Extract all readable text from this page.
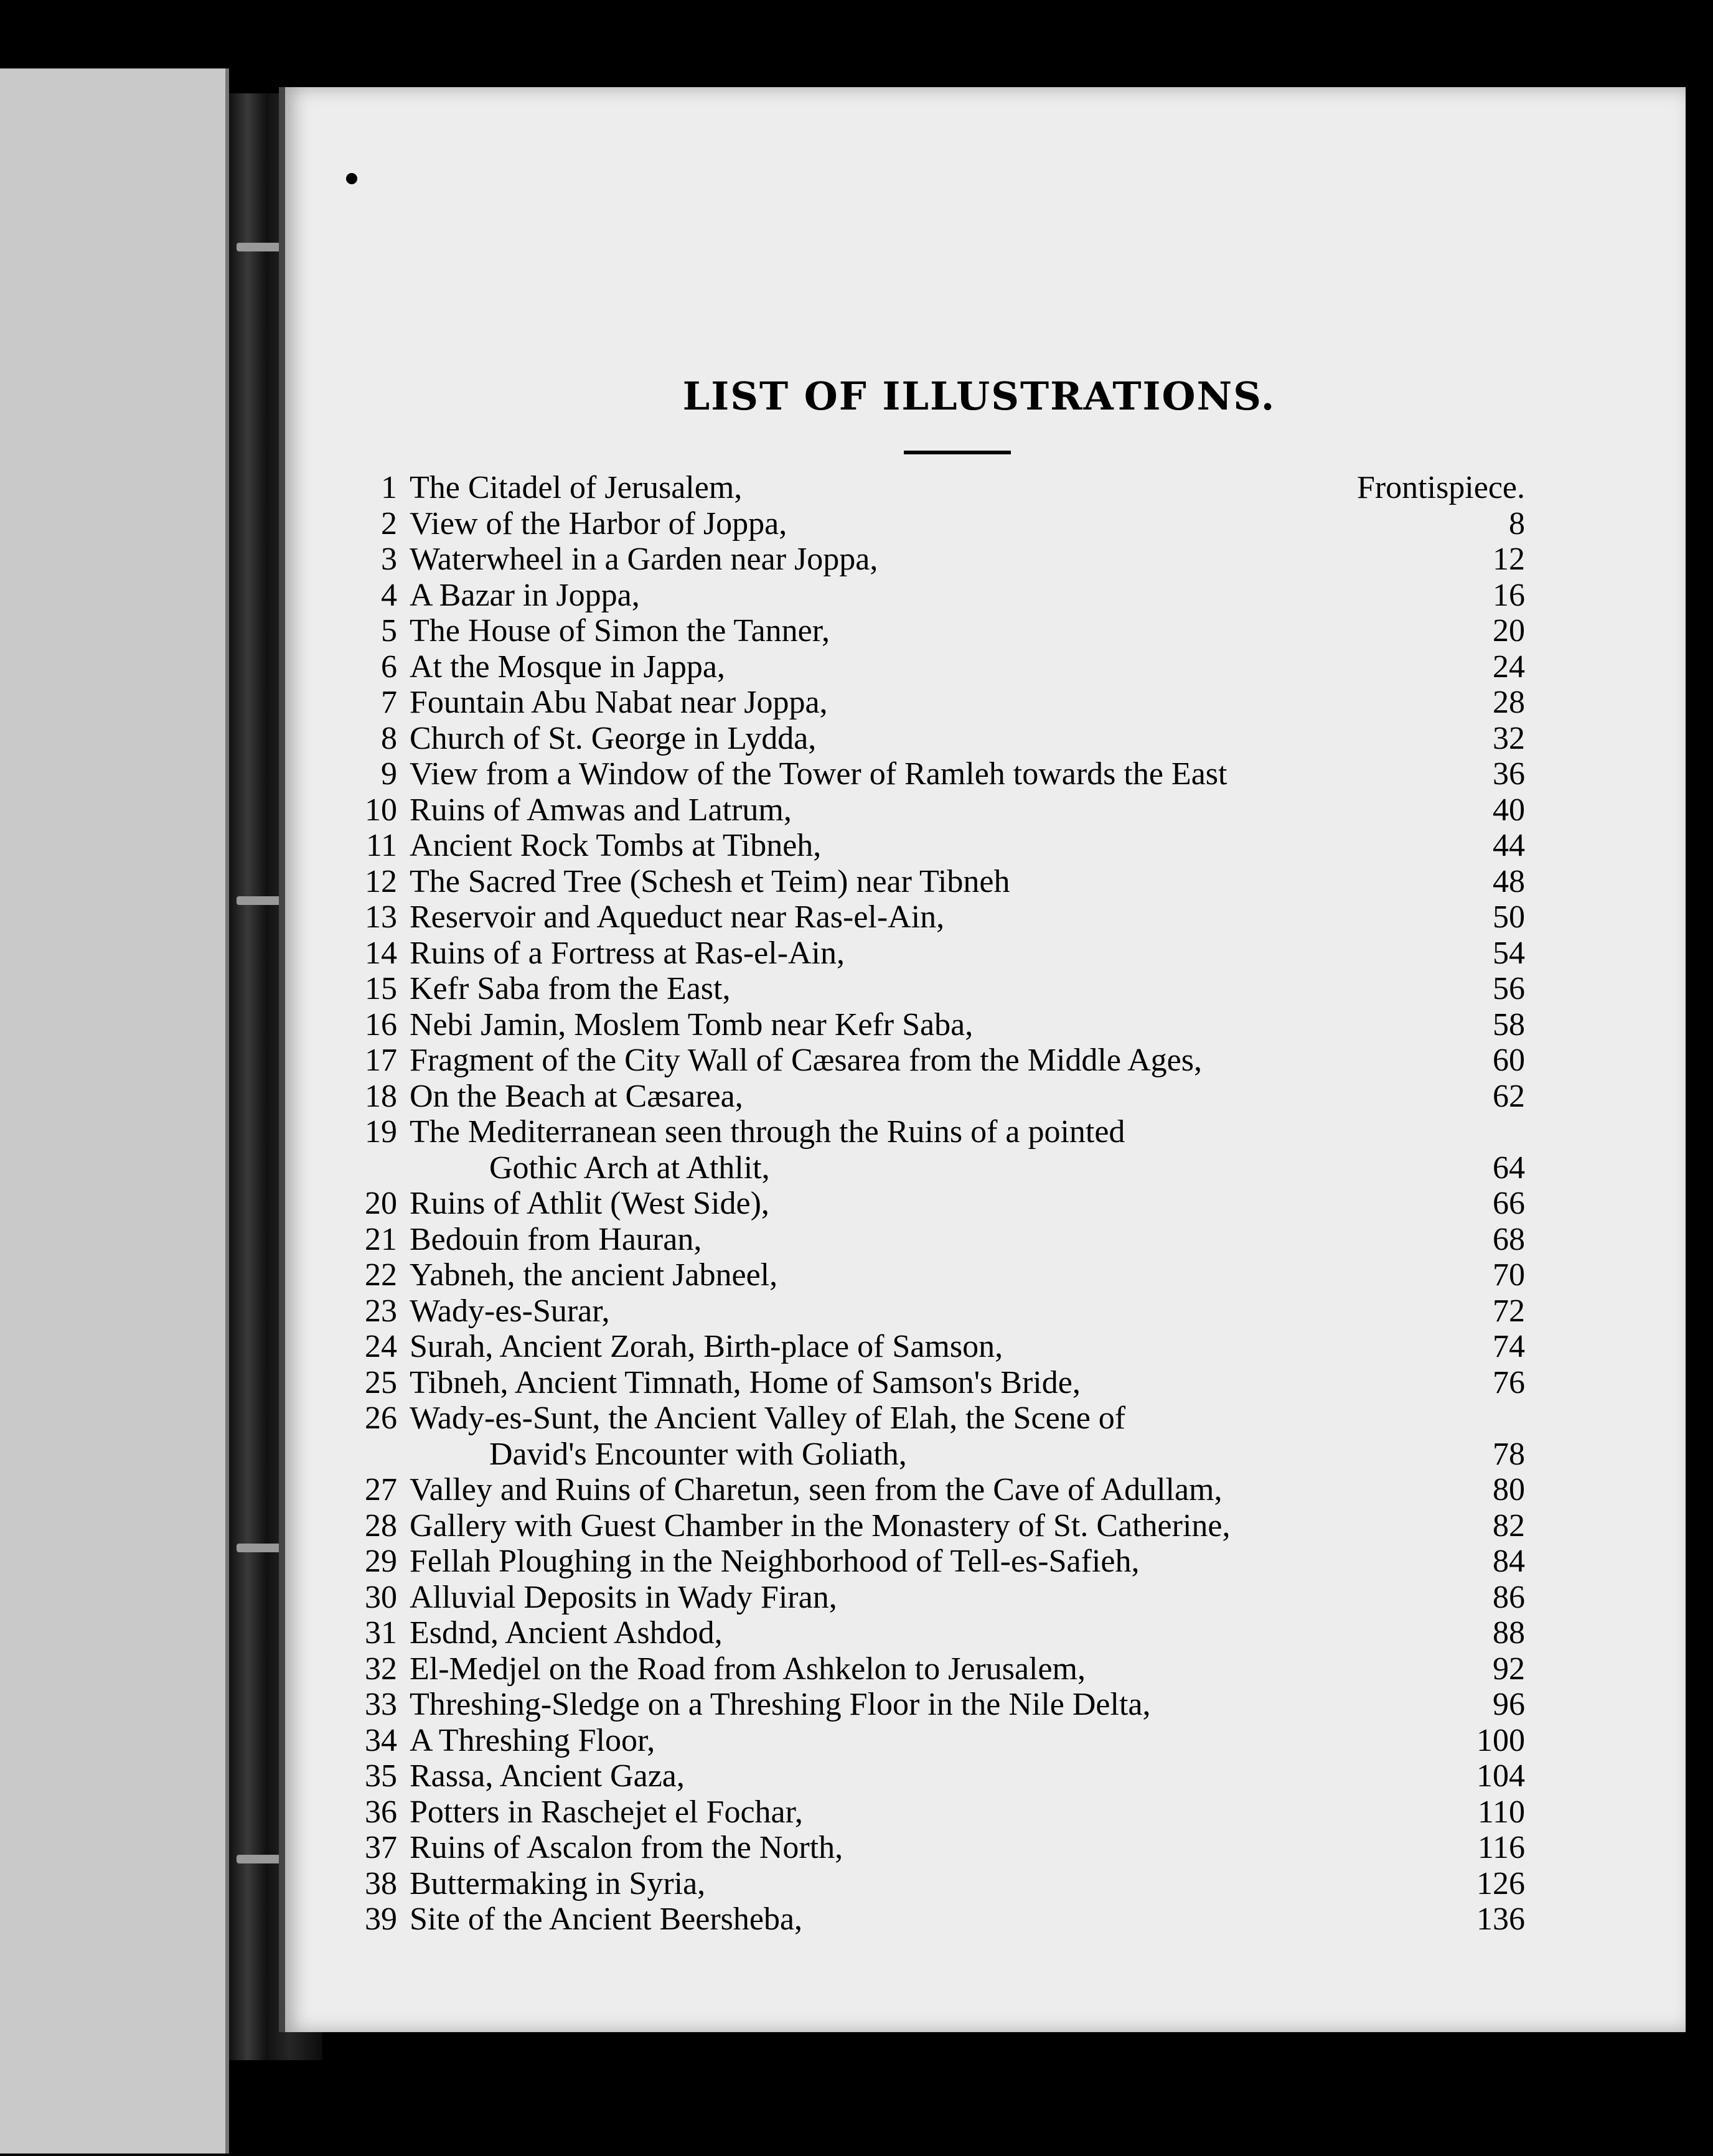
LIST OF ILLUSTRATIONS.
1 The Citadel of Jerusalem,	Frontispiece.
2 View of the Harbor of Joppa,	8
3 Waterwheel in a Garden near Joppa,	12
4 A Bazar in Joppa,	16
5 The House of Simon the Tanner,	20
6 At the Mosque in Jappa,	24
7 Fountain Abu Nabat near Joppa,	28
8 Church of St. George in Lydda,	32
9 View from a Window of the Tower of Ramleh towards the East	36
10 Ruins of Amwas and Latrum,	40
11 Ancient Rock Tombs at Tibneh,	44
12 The Sacred Tree (Schesh et Teim) near Tibneh	48
13 Reservoir and Aqueduct near Ras-el-Ain,	50
14 Ruins of a Fortress at Ras-el-Ain,	54
15 Kefr Saba from the East,	56
16 Nebi Jamin, Moslem Tomb near Kefr Saba,	58
17 Fragment of the City Wall of Cæsarea from the Middle Ages,	60
18 On the Beach at Cæsarea,	62
19 The Mediterranean seen through the Ruins of a pointed
Gothic Arch at Athlit,	64
20 Ruins of Athlit (West Side),	66
21 Bedouin from Hauran,	68
22 Yabneh, the ancient Jabneel,	70
23 Wady-es-Surar,	72
24 Surah, Ancient Zorah, Birth-place of Samson,	74
25 Tibneh, Ancient Timnath, Home of Samson's Bride,	76
26 Wady-es-Sunt, the Ancient Valley of Elah, the Scene of
David's Encounter with Goliath,	78
27 Valley and Ruins of Charetun, seen from the Cave of Adullam,	80
28 Gallery with Guest Chamber in the Monastery of St. Catherine,	82
29 Fellah Ploughing in the Neighborhood of Tell-es-Safieh,	84
30 Alluvial Deposits in Wady Firan,	86
31 Esdnd, Ancient Ashdod,	88
32 El-Medjel on the Road from Ashkelon to Jerusalem,	92
33 Threshing-Sledge on a Threshing Floor in the Nile Delta,	96
34 A Threshing Floor,	100
35 Rassa, Ancient Gaza,	104
36 Potters in Raschejet el Fochar,	110
37 Ruins of Ascalon from the North,	116
38 Buttermaking in Syria,	126
39 Site of the Ancient Beersheba,	136
